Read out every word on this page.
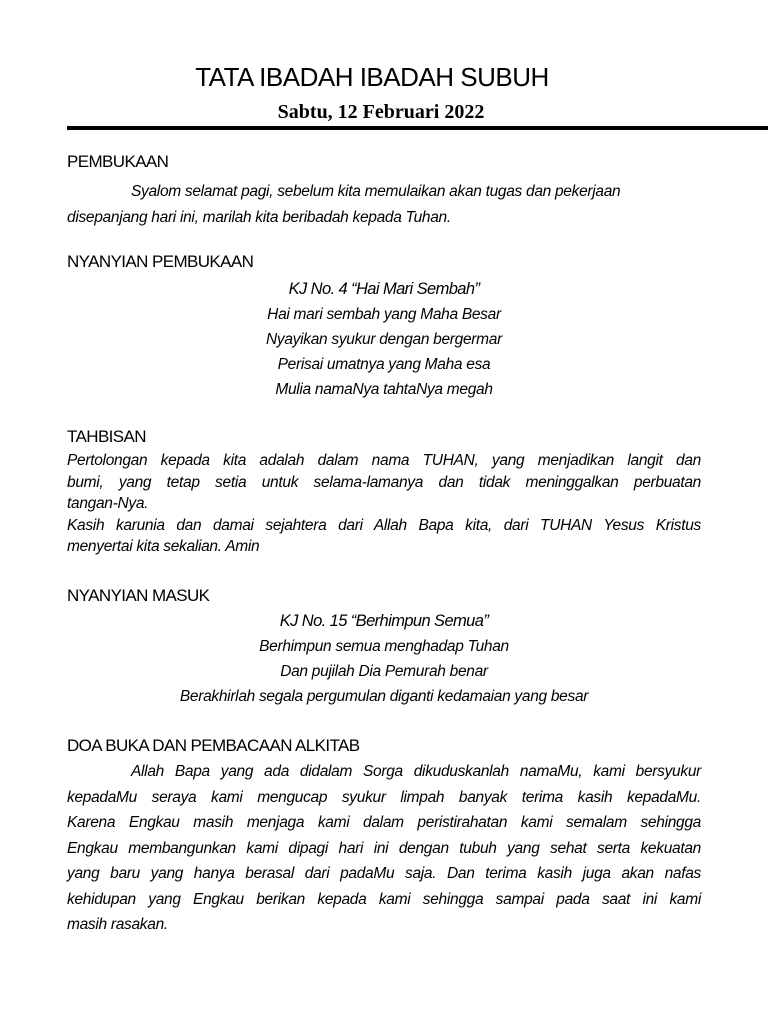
TATA IBADAH IBADAH SUBUH
Sabtu, 12 Februari 2022
PEMBUKAAN
Syalom selamat pagi, sebelum kita memulaikan akan tugas dan pekerjaan
disepanjang hari ini, marilah kita beribadah kepada Tuhan.
NYANYIAN PEMBUKAAN
KJ No. 4 “Hai Mari Sembah”
Hai mari sembah yang Maha Besar
Nyayikan syukur dengan bergermar
Perisai umatnya yang Maha esa
Mulia namaNya tahtaNya megah
TAHBISAN
Pertolongan kepada kita adalah dalam nama TUHAN, yang menjadikan langit dan
bumi, yang tetap setia untuk selama-lamanya dan tidak meninggalkan perbuatan
tangan-Nya.
Kasih karunia dan damai sejahtera dari Allah Bapa kita, dari TUHAN Yesus Kristus
menyertai kita sekalian. Amin
NYANYIAN MASUK
KJ No. 15 “Berhimpun Semua”
Berhimpun semua menghadap Tuhan
Dan pujilah Dia Pemurah benar
Berakhirlah segala pergumulan diganti kedamaian yang besar
DOA BUKA DAN PEMBACAAN ALKITAB
Allah Bapa yang ada didalam Sorga dikuduskanlah namaMu, kami bersyukur
kepadaMu seraya kami mengucap syukur limpah banyak terima kasih kepadaMu.
Karena Engkau masih menjaga kami dalam peristirahatan kami semalam sehingga
Engkau membangunkan kami dipagi hari ini dengan tubuh yang sehat serta kekuatan
yang baru yang hanya berasal dari padaMu saja. Dan terima kasih juga akan nafas
kehidupan yang Engkau berikan kepada kami sehingga sampai pada saat ini kami
masih rasakan.
